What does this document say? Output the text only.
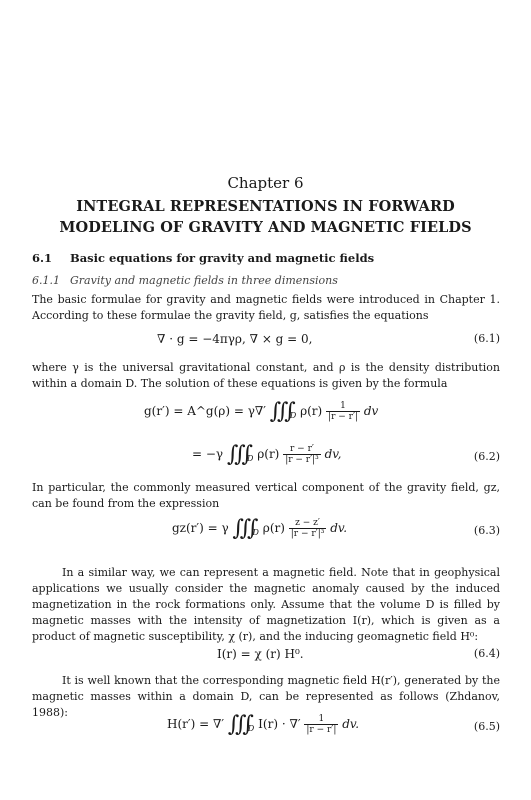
Chapter 6
INTEGRAL REPRESENTATIONS IN FORWARD
MODELING OF GRAVITY AND MAGNETIC FIELDS
6.1 Basic equations for gravity and magnetic fields
6.1.1 Gravity and magnetic fields in three dimensions
The basic formulae for gravity and magnetic fields were introduced in Chapter 1. According to these formulae the gravity field, g, satisfies the equations
∇ · g = −4πγρ, ∇ × g = 0,	(6.1)
where γ is the universal gravitational constant, and ρ is the density distribution within a domain D. The solution of these equations is given by the formula
g(r′) = A^g(ρ) = γ∇′ $∭_D$ $\rho(r) \frac{1}{|r - r'|}$ dv
= −γ $∭_D$ $\rho(r) \frac{r - r'}{\text{|r − r′|³}}$ dv,	(6.2)
In particular, the commonly measured vertical component of the gravity field, gz, can be found from the expression
gz(r′) = γ $∭_D$ $\rho(r) \frac{z - z'}{\text{|r − r′|³}}$ dv.	(6.3)
In a similar way, we can represent a magnetic field. Note that in geophysical applications we usually consider the magnetic anomaly caused by the induced magnetization in the rock formations only. Assume that the volume D is filled by magnetic masses with the intensity of magnetization I(r), which is given as a product of magnetic susceptibility, χ (r), and the inducing geomagnetic field H⁰:
I(r) = χ (r) H⁰.	(6.4)
It is well known that the corresponding magnetic field H(r′), generated by the magnetic masses within a domain D, can be represented as follows (Zhdanov, 1988):
H(r′) = ∇′ $∭_D$ I(r) · ∇′ $\frac{1}{|r - r'|}$ dv.	(6.5)
